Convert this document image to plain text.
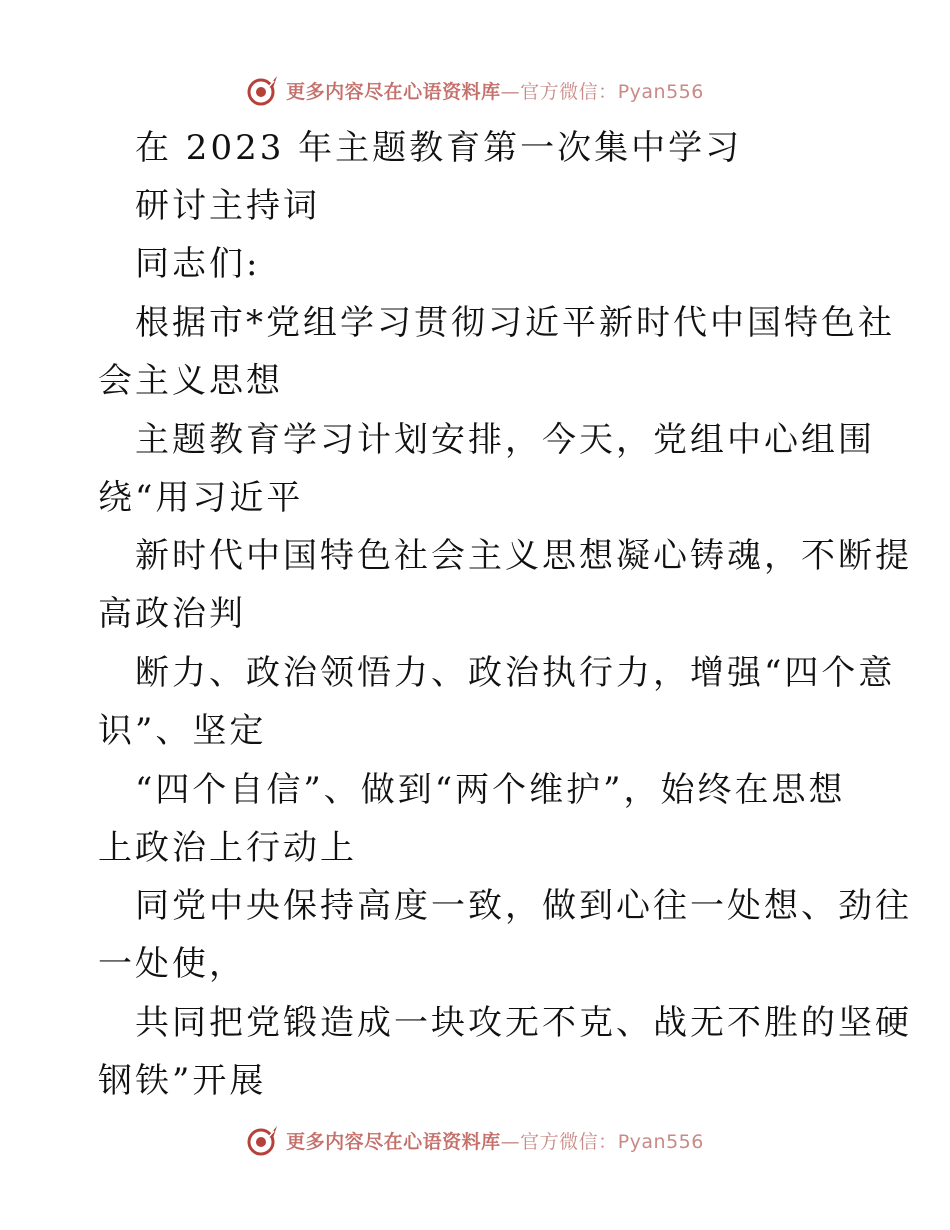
更多内容尽在心语资料库—官方微信：Pyan556
在 2023 年主题教育第一次集中学习
研讨主持词
同志们:
根据市*党组学习贯彻习近平新时代中国特色社
会主义思想
主题教育学习计划安排，今天，党组中心组围
绕“用习近平
新时代中国特色社会主义思想凝心铸魂，不断提
高政治判
断力、政治领悟力、政治执行力，增强“四个意
识”、坚定
“四个自信”、做到“两个维护”，始终在思想
上政治上行动上
同党中央保持高度一致，做到心往一处想、劲往
一处使，
共同把党锻造成一块攻无不克、战无不胜的坚硬
钢铁”开展
更多内容尽在心语资料库—官方微信：Pyan556
